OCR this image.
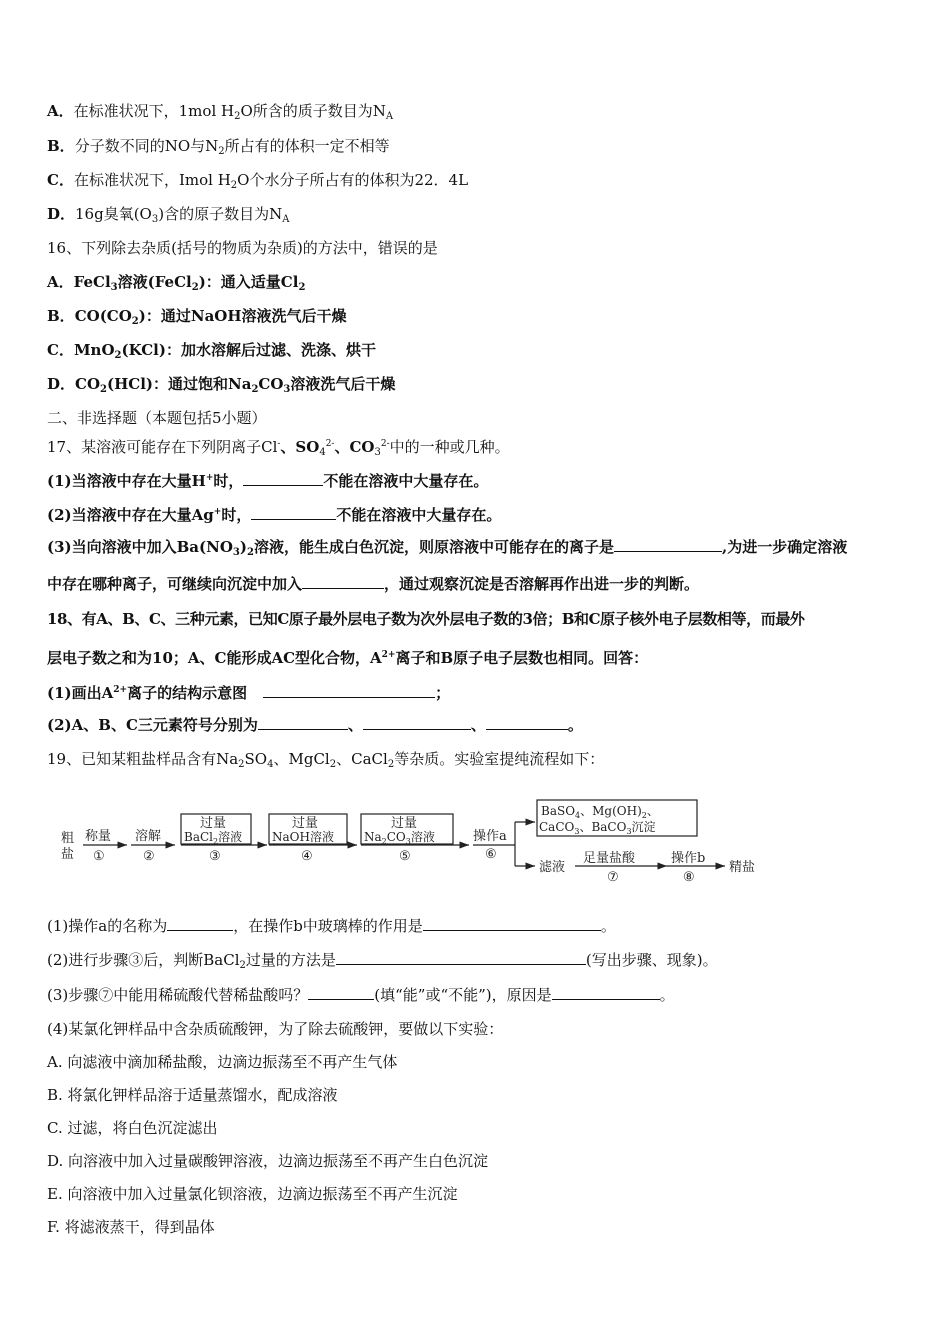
A．在标准状况下，1mol $H_2O$所含的质子数目为$N_A$
B．分子数不同的NO与$N_2$所占有的体积一定不相等
C．在标准状况下，Imol $H_2O$个水分子所占有的体积为22．4L
D．16g臭氧$(O_3)$含的原子数目为$N_A$
16、下列除去杂质(括号的物质为杂质)的方法中，错误的是
A．FeCl$_3$溶液(FeCl$_2$)：通入适量$Cl_2$
B．$CO(CO_2)$：通过NaOH溶液洗气后干燥
C．MnO$_2$(KCl)：加水溶解后过滤、洗涤、烘干
D．$CO_2(HCl)$：通过饱和$Na_2CO_3$溶液洗气后干燥
二、非选择题（本题包括5小题）
17、某溶液可能存在下列阴离子Cl-、$SO_4^{2-}$、$CO_3^{2-}$中的一种或几种。
(1)当溶液中存在大量H+时，	不能在溶液中大量存在。
(2)当溶液中存在大量Ag+时，	不能在溶液中大量存在。
(3)当向溶液中加入$Ba(NO_3)_2$溶液，能生成白色沉淀，则原溶液中可能存在的离子是	,为进一步确定溶液
中存在哪种离子，可继续向沉淀中加入	，通过观察沉淀是否溶解再作出进一步的判断。
18、有A、B、C、三种元素，已知C原子最外层电子数为次外层电子数的3倍；B和C原子核外电子层数相等，而最外
层电子数之和为10；A、C能形成AC型化合物，$A^{2+}$离子和B原子电子层数也相同。回答：
(1)画出$A^{2+}$离子的结构示意图	；
(2)A、B、C三元素符号分别为	、	、	。
19、已知某粗盐样品含有$Na_2SO_4$、MgCl$_2$、CaCl$_2$等杂质。实验室提纯流程如下：
粗
盐
称量
①
溶解
②
过量
BaCl$_2$溶液
③
过量
NaOH溶液
④
过量
$Na_2CO_3$溶液
⑤
操作a
⑥
BaSO$_4$、$Mg(OH)_2$、
CaCO$_3$、BaCO$_3$沉淀
滤液
足量盐酸
⑦
操作b
⑧
精盐
(1)操作a的名称为	，在操作b中玻璃棒的作用是	。
(2)进行步骤③后，判断BaCl$_2$过量的方法是	(写出步骤、现象)。
(3)步骤⑦中能用稀硫酸代替稀盐酸吗？	(填“能”或“不能”)，原因是	。
(4)某氯化钾样品中含杂质硫酸钾，为了除去硫酸钾，要做以下实验：
A. 向滤液中滴加稀盐酸，边滴边振荡至不再产生气体
B. 将氯化钾样品溶于适量蒸馏水，配成溶液
C. 过滤，将白色沉淀滤出
D. 向溶液中加入过量碳酸钾溶液，边滴边振荡至不再产生白色沉淀
E. 向溶液中加入过量氯化钡溶液，边滴边振荡至不再产生沉淀
F. 将滤液蒸干，得到晶体
